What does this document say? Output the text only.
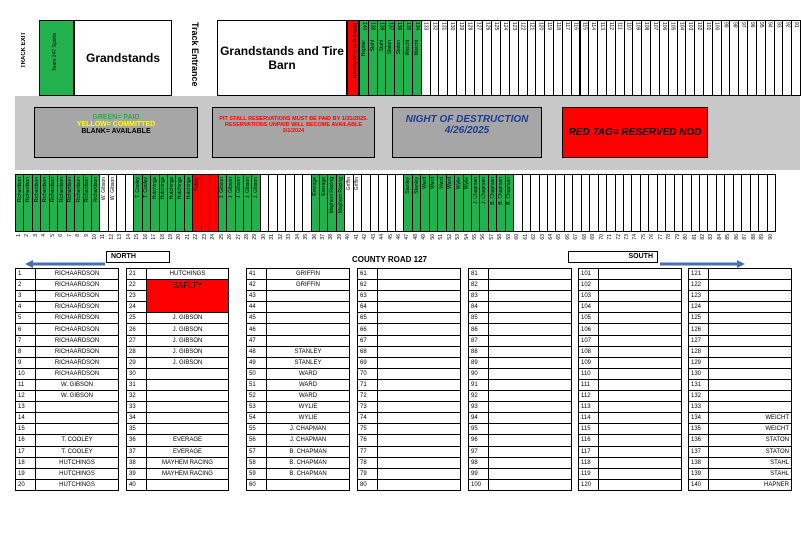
TRACK EXIT	Team 247 Sports Grandstands	Track Entrance Grandstands and Tire Barn	Walkway to Grandstands 140
Hapner
139
Stahl
138
Stahl
137
Staton
136
Staton
135
Weicht
134
Weicht
133 132 131 130 129 128 127 126 125 124 123 122 121 120 119 118 117 116 115 114 113 112 111 110 109 108 107 106 105 104 103 102 101 100 99 98 97 96 95 94 93 92 91
GREEN= PAID
YELLOW= COMMITTED
BLANK= AVAILABLE
PIT STALL RESERVATIONS MUST BE PAID BY 1/31/2025. RESERVATIONS UNPAID WILL BECOME AVAILABLE 2/1/2024
NIGHT OF DESTRUCTION
4/26/2025	RED TAG= RESERVED NOD
Richardson Richardson Richardson Richardson Richardson Richardson Richardson Richardson Richardson Richardson W. Gibson W. Gibson	T. Cooley T. Cooley Hutchings Hutchings Hutchings Hutchings Hutchings Safety	J. Gibson J. Gibson J. Gibson J. Gibson J. Gibson	Everage Everage Mayhem Racing Mayhem Racing Griffin Griffin	Stanley Stanley Ward Ward Ward Ward Wylie Wylie J. Chapman J. Chapman B. Chapman B. Chapman B. Chapman
1 2 3 4 5 6 7 8 9 10 11 12 13 14 15 16 17 18 19 20 21 22 23 24 25 26 27 28 29 30 31 32 33 34 35 36 37 38 39 40 41 42 43 44 45 46 47 48 49 50 51 52 53 54 55 56 57 58 59 60 61 62 63 64 65 66 67 68 69 70 71 72 73 74 75 76 77 78 79 80 81 82 83 84 85 86 87 88 89 90
NORTH	COUNTY ROAD 127	SOUTH
1	RICHAARDSON
2	RICHAARDSON
3	RICHAARDSON
4	RICHAARDSON
5	RICHAARDSON
6	RICHAARDSON
7	RICHAARDSON
8	RICHAARDSON
9	RICHAARDSON
10	RICHAARDSON
11	W. GIBSON
12	W. GIBSON
13	
14	
15	
16	T. COOLEY
17	T. COOLEY
18	HUTCHINGS
19	HUTCHINGS
20	HUTCHINGS
21	HUTCHINGS
22	SAFLTY
23	
24	
25	J. GIBSON
26	J. GIBSON
27	J. GIBSON
28	J. GIBSON
29	J. GIBSON
30	
31	
32	
33	
34	
35	
36	EVERAGE
37	EVERAGE
38	MAYHEM RACING
39	MAYHEM RACING
40	
41	GRIFFIN
42	GRIFFIN
43	
44	
45	
46	
47	
48	STANLEY
49	STANLEY
50	WARD
51	WARD
52	WARD
53	WYLIE
54	WYLIE
55	J. CHAPMAN
56	J. CHAPMAN
57	B. CHAPMAN
58	B. CHAPMAN
59	B. CHAPMAN
60	
61	
62	
63	
64	
65	
66	
67	
68	
69	
70	
71	
72	
73	
74	
75	
76	
77	
78	
79	
80	
81	
82	
83	
84	
85	
86	
87	
88	
89	
90	
91	
92	
93	
94	
95	
96	
97	
98	
99	
100	
101	
102	
103	
104	
105	
106	
107	
108	
109	
110	
111	
112	
113	
114	
115	
116	
117	
118	
119	
120	
121	
122	
123	
124	
125	
126	
127	
128	
129	
130	
131	
132	
133	
134	WEICHT
135	WEICHT
136	STATON
137	STATON
138	STAHL
139	STAHL
140	HAPNER
